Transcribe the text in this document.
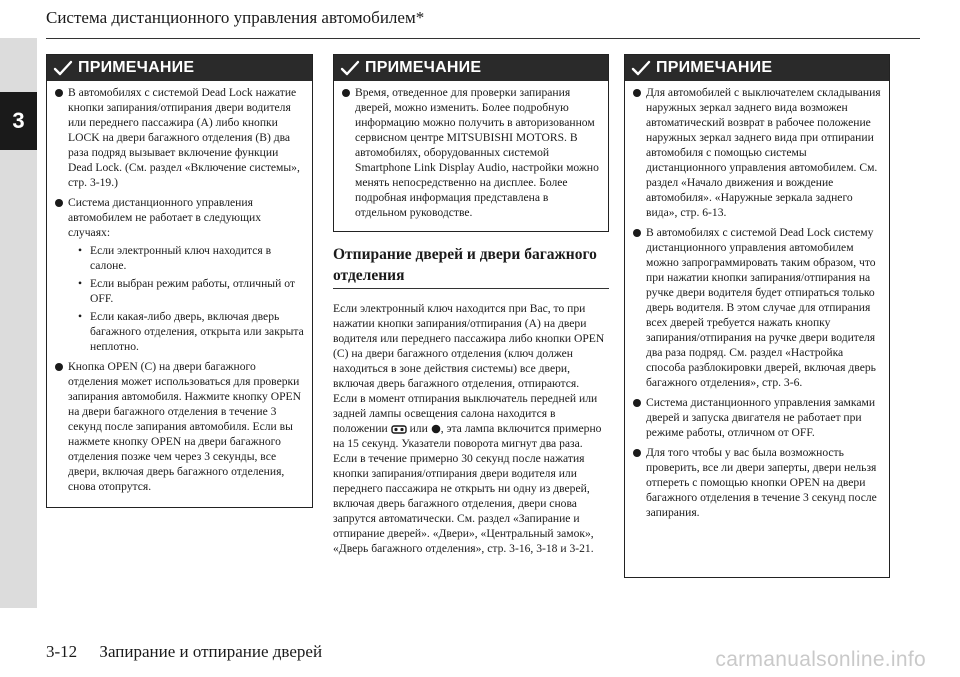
Система дистанционного управления автомобилем*
3
ПРИМЕЧАНИЕ
В автомобилях с системой Dead Lock нажатие кнопки запирания/отпирания двери водителя или переднего пассажира (A) либо кнопки LOCK на двери багажного отделения (B) два раза подряд вызывает включение функции Dead Lock. (См. раздел «Включение системы», стр. 3-19.)
Система дистанционного управления автомобилем не работает в следующих случаях:
• Если электронный ключ находится в салоне.
• Если выбран режим работы, отличный от OFF.
• Если какая-либо дверь, включая дверь багажного отделения, открыта или закрыта неплотно.
Кнопка OPEN (C) на двери багажного отделения может использоваться для проверки запирания автомобиля. Нажмите кнопку OPEN на двери багажного отделения в течение 3 секунд после запирания автомобиля. Если вы нажмете кнопку OPEN на двери багажного отделения позже чем через 3 секунды, все двери, включая дверь багажного отделения, снова отопрутся.
ПРИМЕЧАНИЕ
Время, отведенное для проверки запирания дверей, можно изменить. Более подробную информацию можно получить в авторизованном сервисном центре MITSUBISHI MOTORS. В автомобилях, оборудованных системой Smartphone Link Display Audio, настройки можно менять непосредственно на дисплее. Более подробная информация представлена в отдельном руководстве.
Отпирание дверей и двери багажного отделения

Если электронный ключ находится при Вас, то при нажатии кнопки запирания/отпирания (A) на двери водителя или переднего пассажира либо кнопки OPEN (C) на двери багажного отделения (ключ должен находиться в зоне действия системы) все двери, включая дверь багажного отделения, отпираются.

Если в момент отпирания выключатель передней или задней лампы освещения салона находится в положении или , эта лампа включится примерно на 15 секунд. Указатели поворота мигнут два раза.

Если в течение примерно 30 секунд после нажатия кнопки запирания/отпирания двери водителя или переднего пассажира не открыть ни одну из дверей, включая дверь багажного отделения, двери снова запрутся автоматически. См. раздел «Запирание и отпирание дверей». «Двери», «Центральный замок», «Дверь багажного отделения», стр. 3-16, 3-18 и 3-21.

ПРИМЕЧАНИЕ
Для автомобилей с выключателем складывания наружных зеркал заднего вида возможен автоматический возврат в рабочее положение наружных зеркал заднего вида при отпирании автомобиля с помощью системы дистанционного управления автомобилем. См. раздел «Начало движения и вождение автомобиля». «Наружные зеркала заднего вида», стр. 6-13.
В автомобилях с системой Dead Lock систему дистанционного управления автомобилем можно запрограммировать таким образом, что при нажатии кнопки запирания/отпирания на ручке двери водителя будет отпираться только дверь водителя. В этом случае для отпирания всех дверей требуется нажать кнопку запирания/отпирания на ручке двери водителя два раза подряд. См. раздел «Настройка способа разблокировки дверей, включая дверь багажного отделения», стр. 3-6.
Система дистанционного управления замками дверей и запуска двигателя не работает при режиме работы, отличном от OFF.
Для того чтобы у вас была возможность проверить, все ли двери заперты, двери нельзя отпереть с помощью кнопки OPEN на двери багажного отделения в течение 3 секунд после запирания.
3-12 Запирание и отпирание дверей	carmanualsonline.info
